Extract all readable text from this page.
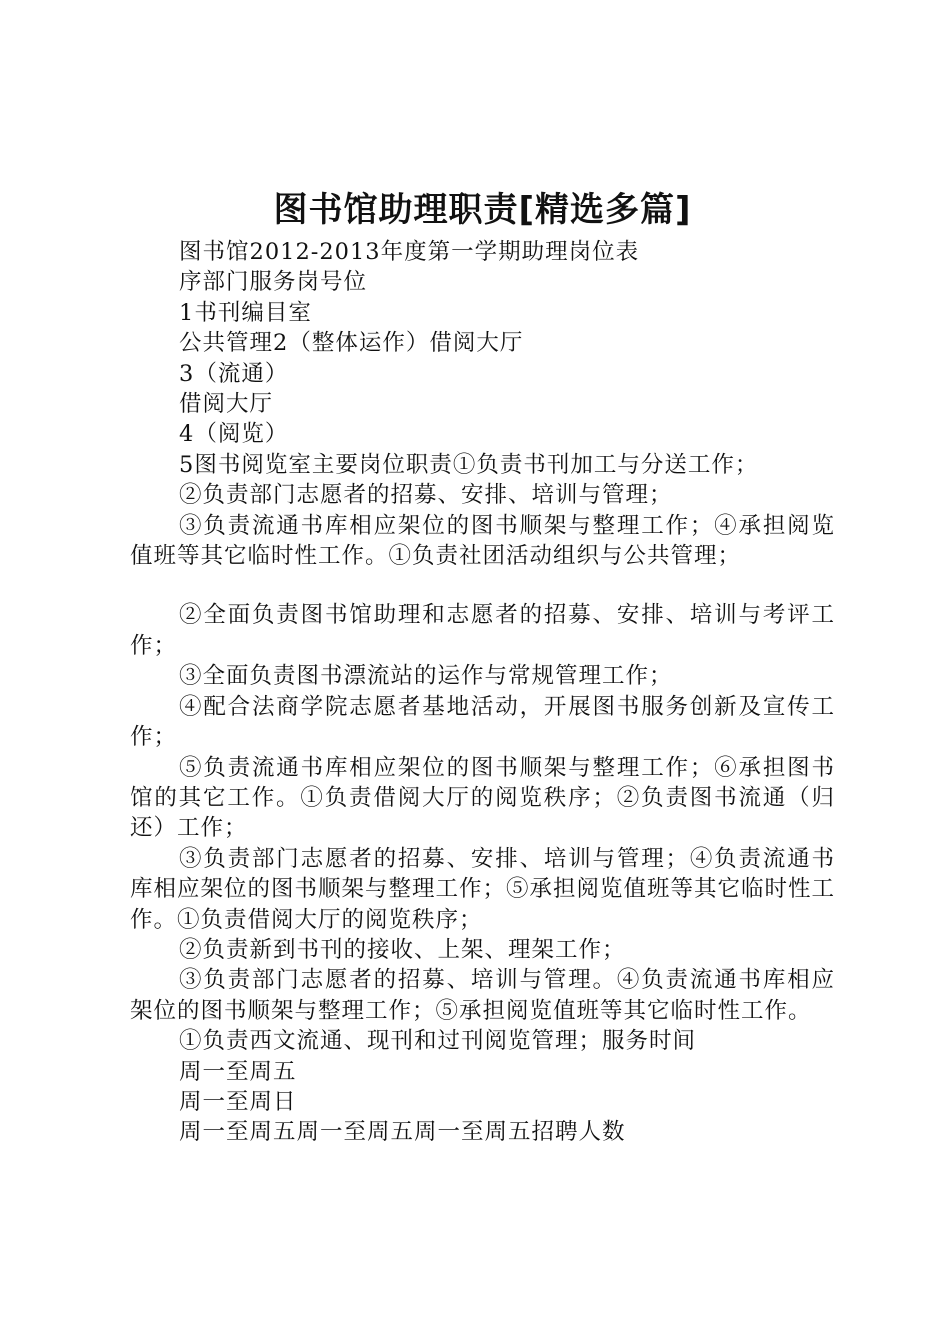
图书馆助理职责[精选多篇]

图书馆2012-2013年度第一学期助理岗位表

序部门服务岗号位

1书刊编目室

公共管理2（整体运作）借阅大厅

3（流通）

借阅大厅

4（阅览）

5图书阅览室主要岗位职责①负责书刊加工与分送工作；

②负责部门志愿者的招募、安排、培训与管理；

③负责流通书库相应架位的图书顺架与整理工作；④承担阅览值班等其它临时性工作。①负责社团活动组织与公共管理；

②全面负责图书馆助理和志愿者的招募、安排、培训与考评工作；

③全面负责图书漂流站的运作与常规管理工作；

④配合法商学院志愿者基地活动，开展图书服务创新及宣传工作；

⑤负责流通书库相应架位的图书顺架与整理工作；⑥承担图书馆的其它工作。①负责借阅大厅的阅览秩序；②负责图书流通（归还）工作；

③负责部门志愿者的招募、安排、培训与管理；④负责流通书库相应架位的图书顺架与整理工作；⑤承担阅览值班等其它临时性工作。①负责借阅大厅的阅览秩序；

②负责新到书刊的接收、上架、理架工作；

③负责部门志愿者的招募、培训与管理。④负责流通书库相应架位的图书顺架与整理工作；⑤承担阅览值班等其它临时性工作。

①负责西文流通、现刊和过刊阅览管理；服务时间

周一至周五

周一至周日

周一至周五周一至周五周一至周五招聘人数
